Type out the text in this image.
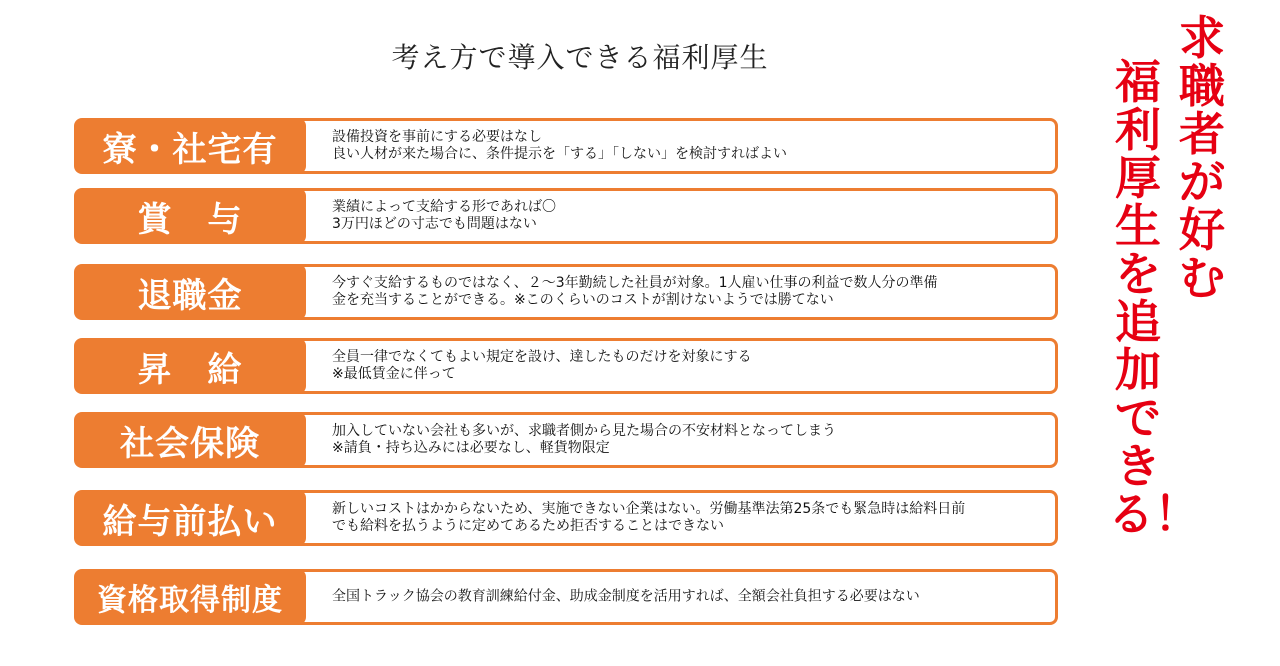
考え方で導入できる福利厚生
設備投資を事前にする必要はなし
良い人材が来た場合に、条件提示を「する」「しない」を検討すればよい
寮・社宅有
業績によって支給する形であれば〇
3万円ほどの寸志でも問題はない
賞　与
今すぐ支給するものではなく、２〜3年勤続した社員が対象。1人雇い仕事の利益で数人分の準備
金を充当することができる。※このくらいのコストが割けないようでは勝てない
退職金
全員一律でなくてもよい規定を設け、達したものだけを対象にする
※最低賃金に伴って
昇　給
加入していない会社も多いが、求職者側から見た場合の不安材料となってしまう
※請負・持ち込みには必要なし、軽貨物限定
社会保険
新しいコストはかからないため、実施できない企業はない。労働基準法第25条でも緊急時は給料日前
でも給料を払うように定めてあるため拒否することはできない
給与前払い
全国トラック協会の教育訓練給付金、助成金制度を活用すれば、全額会社負担する必要はない
資格取得制度
福利厚生を追加できる！
求職者が好む
